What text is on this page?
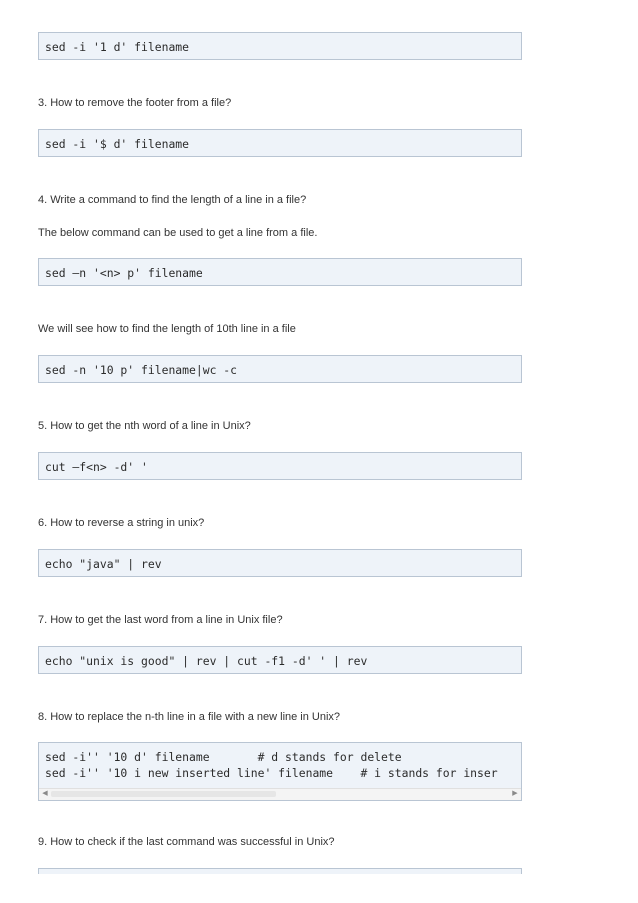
sed -i '1 d' filename
3. How to remove the footer from a file?
sed -i '$ d' filename
4. Write a command to find the length of a line in a file?
The below command can be used to get a line from a file.
sed –n '<n> p' filename
We will see how to find the length of 10th line in a file
sed -n '10 p' filename|wc -c
5. How to get the nth word of a line in Unix?
cut –f<n> -d' '
6. How to reverse a string in unix?
echo "java" | rev
7. How to get the last word from a line in Unix file?
echo "unix is good" | rev | cut -f1 -d' ' | rev
8. How to replace the n-th line in a file with a new line in Unix?
sed -i'' '10 d' filename       # d stands for delete
sed -i'' '10 i new inserted line' filename    # i stands for inser
◀	▶
9. How to check if the last command was successful in Unix?
